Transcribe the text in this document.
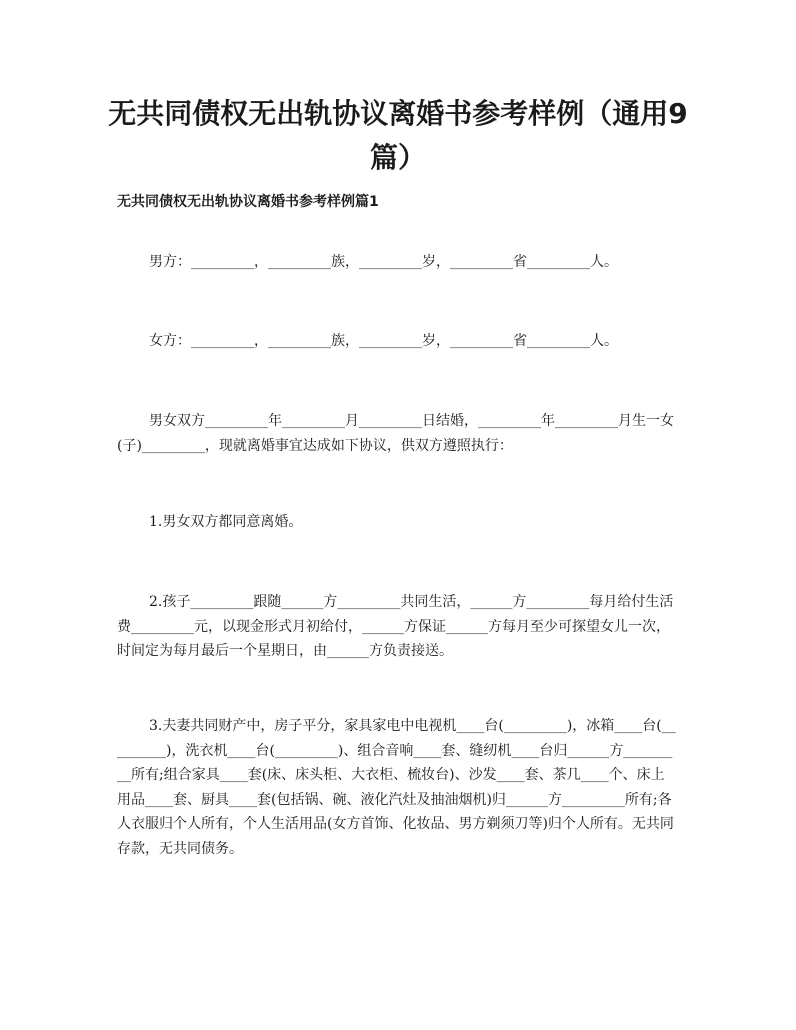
无共同债权无出轨协议离婚书参考样例（通用9篇）
无共同债权无出轨协议离婚书参考样例篇1

男方：_________，_________族，_________岁，_________省_________人。

女方：_________，_________族，_________岁，_________省_________人。

男女双方_________年_________月_________日结婚，_________年_________月生一女(子)_________，现就离婚事宜达成如下协议，供双方遵照执行：

1.男女双方都同意离婚。

2.孩子_________跟随______方_________共同生活，______方_________每月给付生活费_________元，以现金形式月初给付，______方保证______方每月至少可探望女儿一次，时间定为每月最后一个星期日，由______方负责接送。

3.夫妻共同财产中，房子平分，家具家电中电视机____台(_________)，冰箱____台(_________)，洗衣机____台(_________)、组合音响____套、缝纫机____台归______方_________所有;组合家具____套(床、床头柜、大衣柜、梳妆台)、沙发____套、茶几____个、床上用品____套、厨具____套(包括锅、碗、液化汽灶及抽油烟机)归______方_________所有;各人衣服归个人所有，个人生活用品(女方首饰、化妆品、男方剃须刀等)归个人所有。无共同存款，无共同债务。
